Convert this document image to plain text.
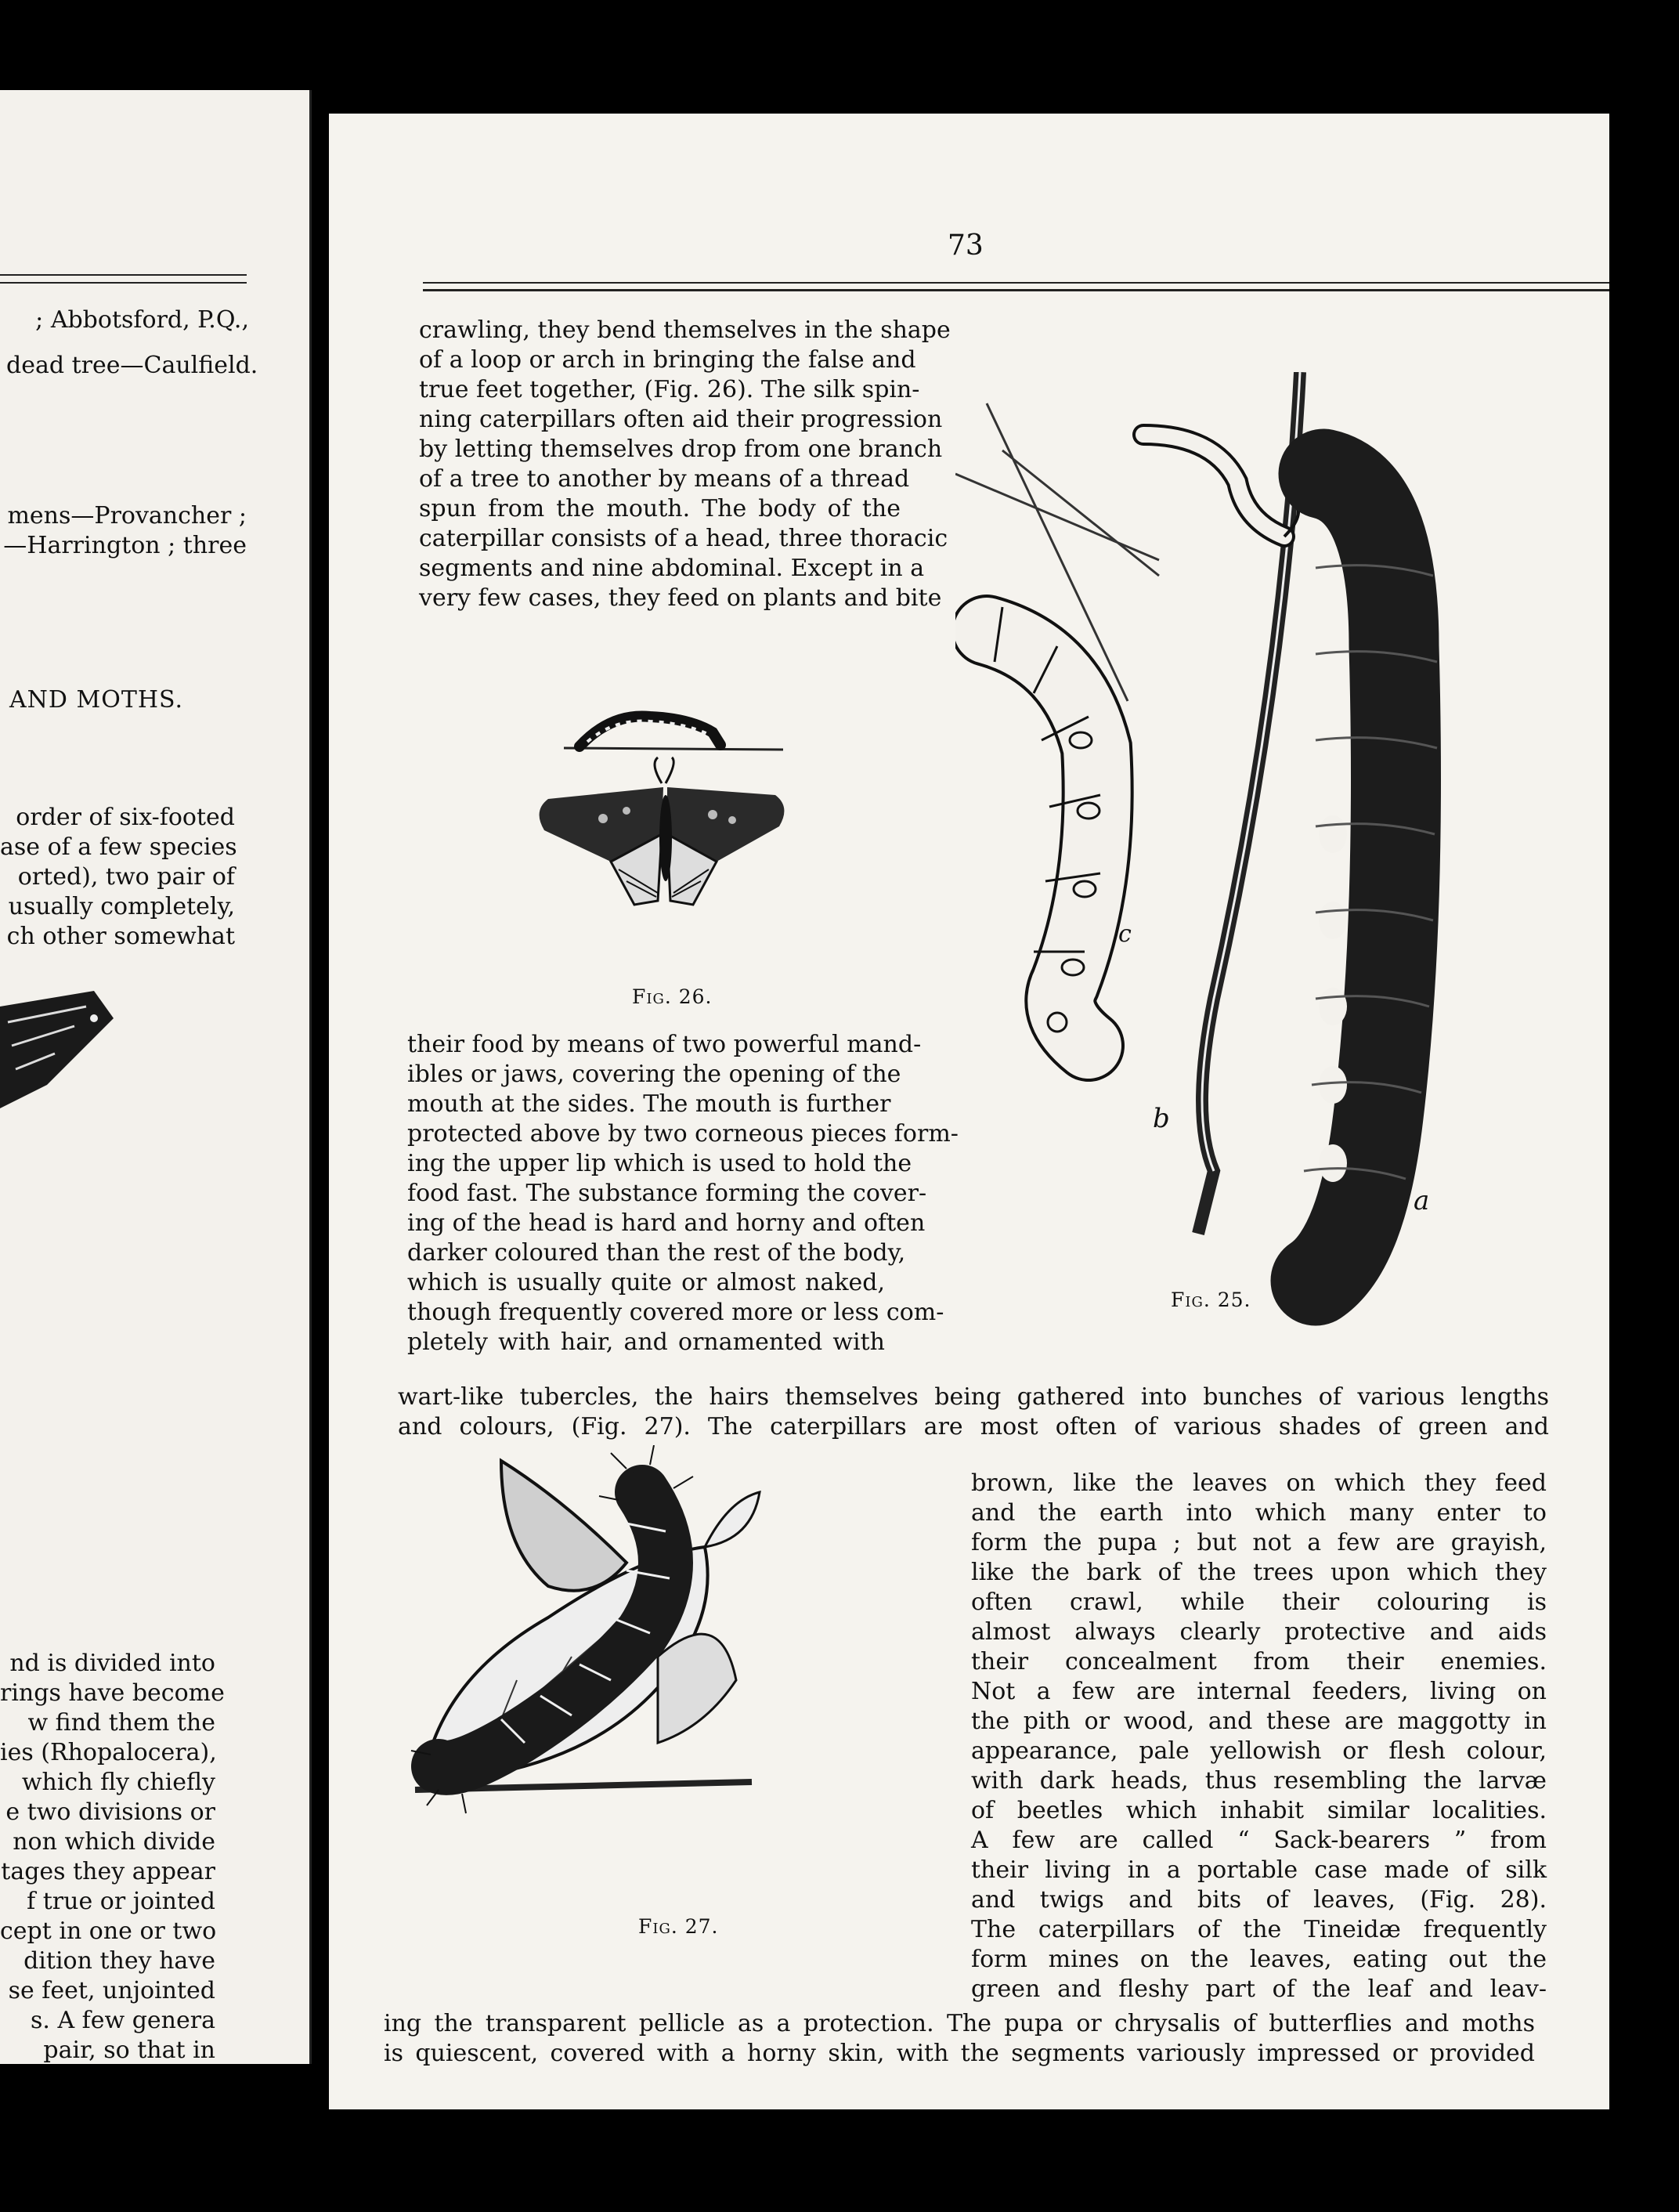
; Abbotsford, P.Q.,
dead tree—Caulfield.
mens—Provancher ;
—Harrington ; three
AND MOTHS.
order of six-footed
ase of a few species
orted), two pair of
usually completely,
ch other somewhat
nd is divided into
rings have become
w find them the
ies (Rhopalocera),
which fly chiefly
e two divisions or
non which divide
tages they appear
f true or jointed
cept in one or two
dition they have
se feet, unjointed
s. A few genera
pair, so that in
73
crawling, they bend themselves in the shape
of a loop or arch in bringing the false and
true feet together, (Fig. 26). The silk spin-
ning caterpillars often aid their progression
by letting themselves drop from one branch
of a tree to another by means of a thread
spun from the mouth. The body of the
caterpillar consists of a head, three thoracic
segments and nine abdominal. Except in a
very few cases, they feed on plants and bite
Fig. 26.
their food by means of two powerful mand-
ibles or jaws, covering the opening of the
mouth at the sides. The mouth is further
protected above by two corneous pieces form-
ing the upper lip which is used to hold the
food fast. The substance forming the cover-
ing of the head is hard and horny and often
darker coloured than the rest of the body,
which is usually quite or almost naked,
though frequently covered more or less com-
pletely with hair, and ornamented with
c
b
a
Fig. 25.
wart-like tubercles, the hairs themselves being gathered into bunches of various lengths
and colours, (Fig. 27). The caterpillars are most often of various shades of green and
Fig. 27.
brown, like the leaves on which they feed
and the earth into which many enter to
form the pupa ; but not a few are grayish,
like the bark of the trees upon which they
often crawl, while their colouring is
almost always clearly protective and aids
their concealment from their enemies.
Not a few are internal feeders, living on
the pith or wood, and these are maggotty in
appearance, pale yellowish or flesh colour,
with dark heads, thus resembling the larvæ
of beetles which inhabit similar localities.
A few are called “ Sack-bearers ” from
their living in a portable case made of silk
and twigs and bits of leaves, (Fig. 28).
The caterpillars of the Tineidæ frequently
form mines on the leaves, eating out the
green and fleshy part of the leaf and leav-
ing the transparent pellicle as a protection. The pupa or chrysalis of butterflies and moths
is quiescent, covered with a horny skin, with the segments variously impressed or provided
